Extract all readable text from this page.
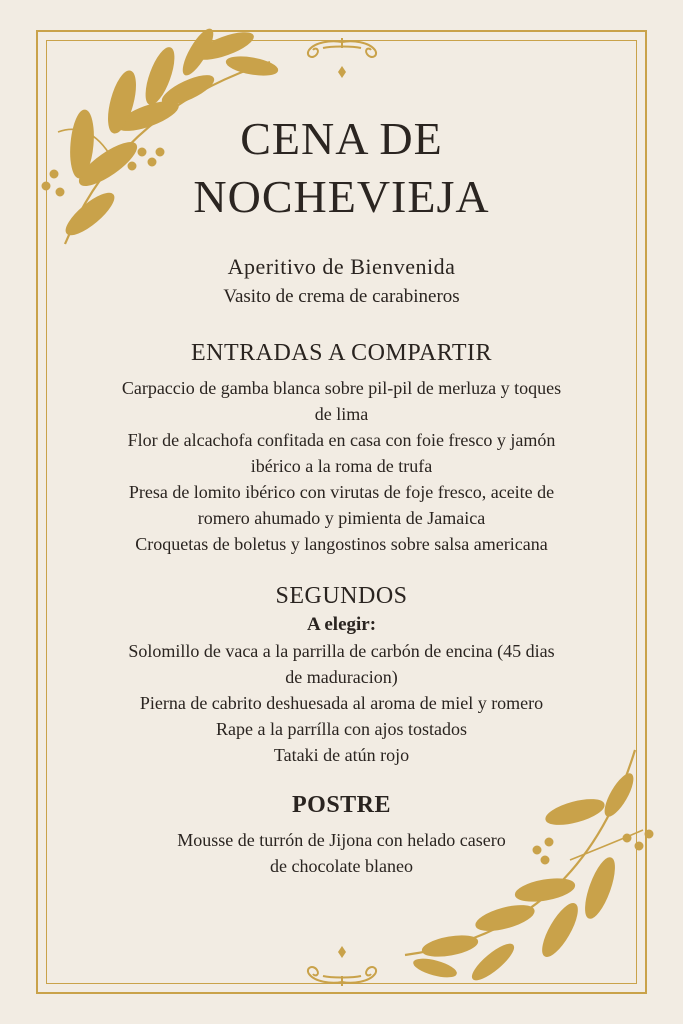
CENA DE
NOCHEVIEJA

Aperitivo de Bienvenida

Vasito de crema de carabineros

ENTRADAS A COMPARTIR

Carpaccio de gamba blanca sobre pil-pil de merluza y toques

de lima

Flor de alcachofa confitada en casa con foie fresco y jamón

ibérico a la roma de trufa

Presa de lomito ibérico con virutas de foje fresco, aceite de

romero ahumado y pimienta de Jamaica

Croquetas de boletus y langostinos sobre salsa americana

SEGUNDOS

A elegir:

Solomillo de vaca a la parrilla de carbón de encina (45 dias

de maduracion)

Pierna de cabrito deshuesada al aroma de miel y romero

Rape a la parrílla con ajos tostados

Tataki de atún rojo

POSTRE

Mousse de turrón de Jijona con helado casero

de chocolate blaneo
